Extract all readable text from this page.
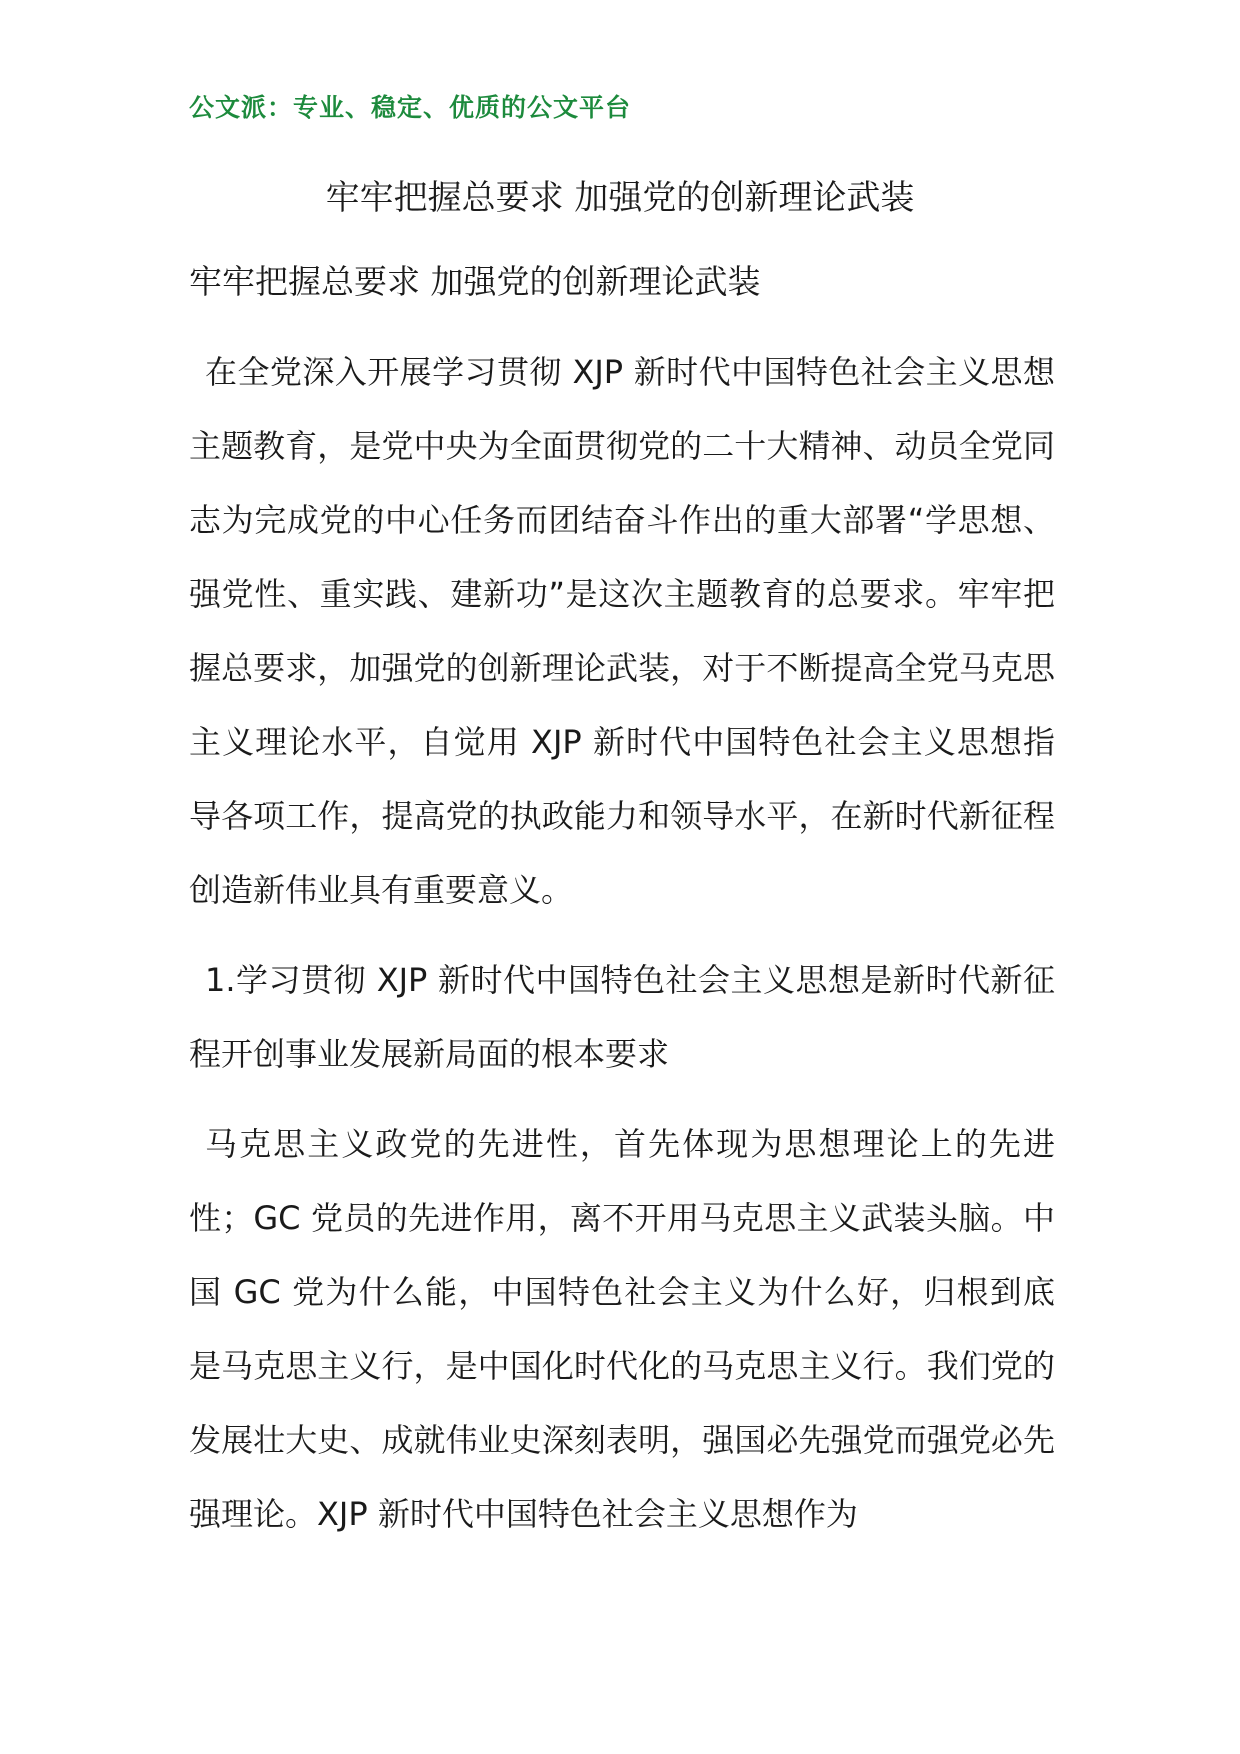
公文派：专业、稳定、优质的公文平台
牢牢把握总要求 加强党的创新理论武装

牢牢把握总要求 加强党的创新理论武装

在全党深入开展学习贯彻 XJP 新时代中国特色社会主义思想主题教育，是党中央为全面贯彻党的二十大精神、动员全党同志为完成党的中心任务而团结奋斗作出的重大部署“学思想、强党性、重实践、建新功”是这次主题教育的总要求。牢牢把握总要求，加强党的创新理论武装，对于不断提高全党马克思主义理论水平，自觉用 XJP 新时代中国特色社会主义思想指导各项工作，提高党的执政能力和领导水平，在新时代新征程创造新伟业具有重要意义。

1.学习贯彻 XJP 新时代中国特色社会主义思想是新时代新征程开创事业发展新局面的根本要求

马克思主义政党的先进性，首先体现为思想理论上的先进性；GC 党员的先进作用，离不开用马克思主义武装头脑。中国 GC 党为什么能，中国特色社会主义为什么好，归根到底是马克思主义行，是中国化时代化的马克思主义行。我们党的发展壮大史、成就伟业史深刻表明，强国必先强党而强党必先强理论。XJP 新时代中国特色社会主义思想作为
